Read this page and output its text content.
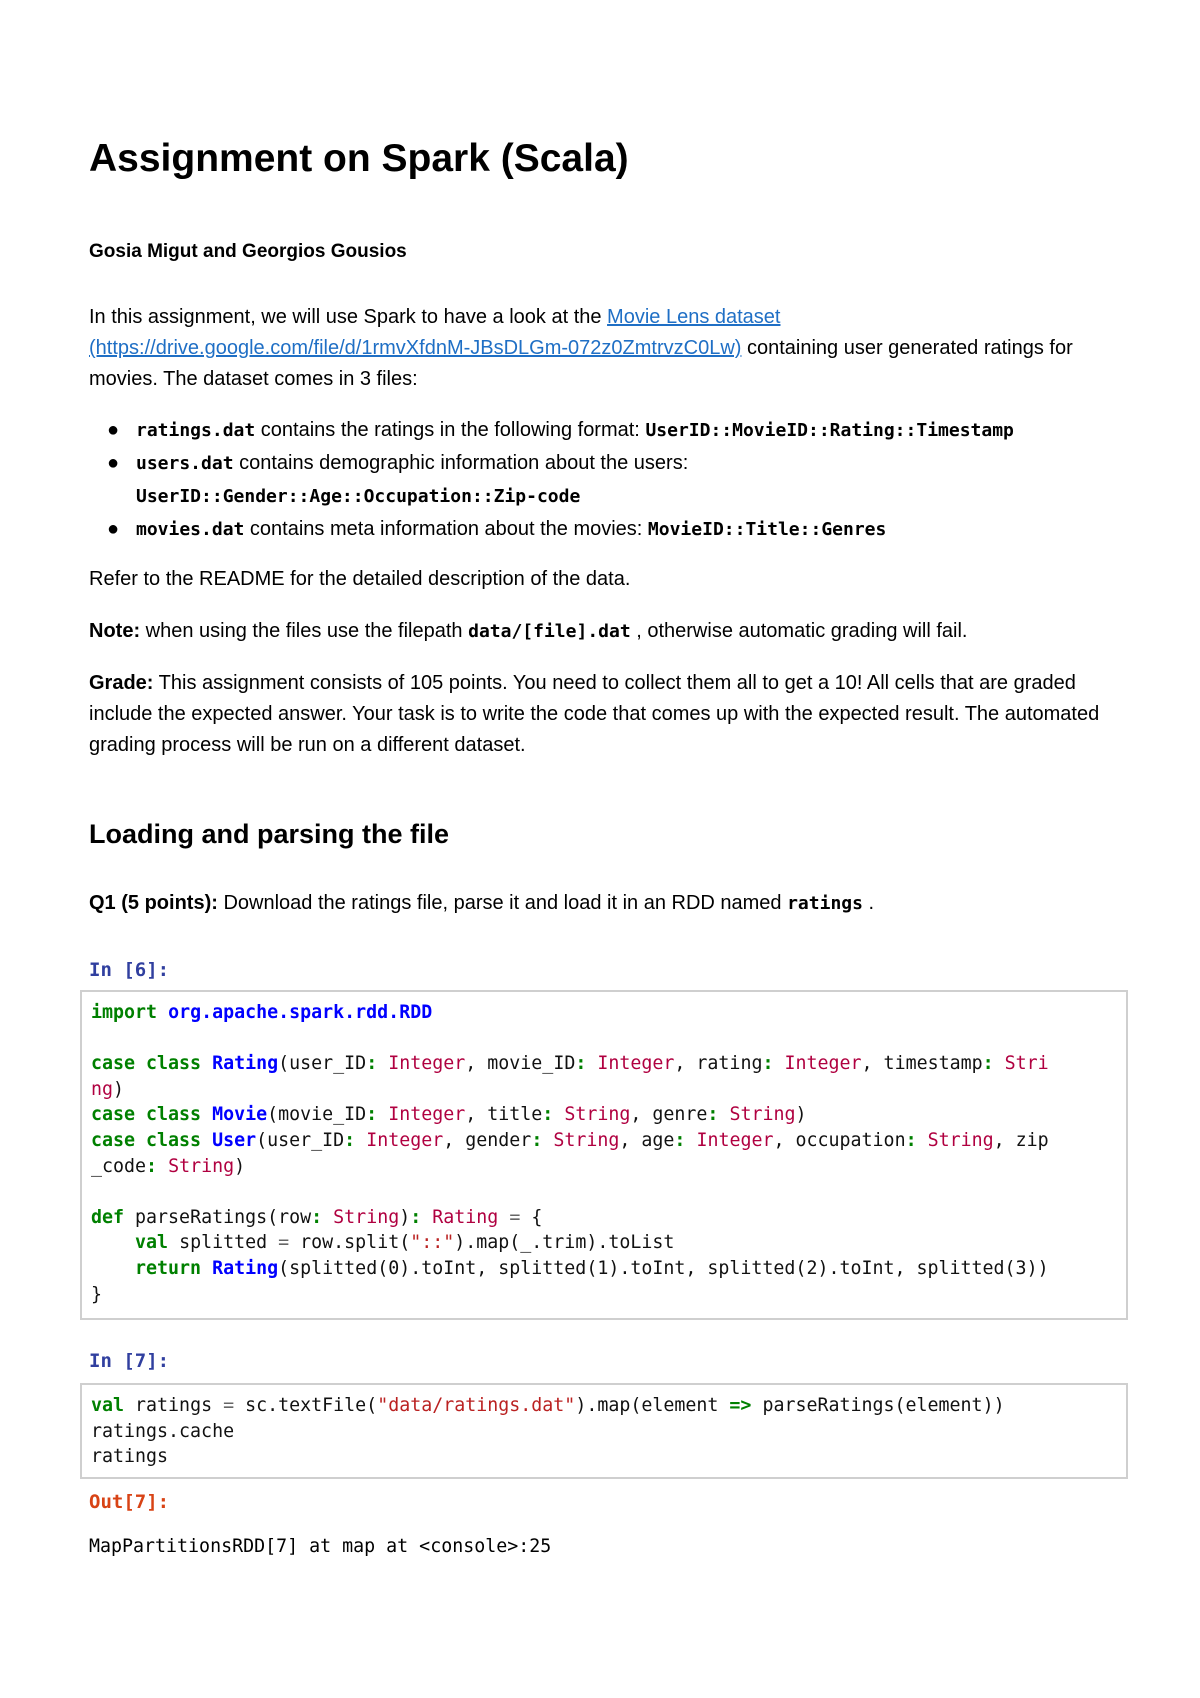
Assignment on Spark (Scala)
Gosia Migut and Georgios Gousios
In this assignment, we will use Spark to have a look at the Movie Lens dataset
(https://drive.google.com/file/d/1rmvXfdnM-JBsDLGm-072z0ZmtrvzC0Lw) containing user generated ratings for movies. The dataset comes in 3 files:
● ratings.dat contains the ratings in the following format: UserID::MovieID::Rating::Timestamp
● users.dat contains demographic information about the users:
UserID::Gender::Age::Occupation::Zip-code
● movies.dat contains meta information about the movies: MovieID::Title::Genres
Refer to the README for the detailed description of the data.
Note: when using the files use the filepath data/[file].dat , otherwise automatic grading will fail.
Grade: This assignment consists of 105 points. You need to collect them all to get a 10! All cells that are graded include the expected answer. Your task is to write the code that comes up with the expected result. The automated grading process will be run on a different dataset.
Loading and parsing the file
Q1 (5 points): Download the ratings file, parse it and load it in an RDD named ratings .
In [6]:
import org.apache.spark.rdd.RDD

case class Rating(user_ID: Integer, movie_ID: Integer, rating: Integer, timestamp: Stri
ng)
case class Movie(movie_ID: Integer, title: String, genre: String)
case class User(user_ID: Integer, gender: String, age: Integer, occupation: String, zip
_code: String)

def parseRatings(row: String): Rating = {
val splitted = row.split("::").map(_.trim).toList
return Rating(splitted(0).toInt, splitted(1).toInt, splitted(2).toInt, splitted(3))
}
In [7]:
val ratings = sc.textFile("data/ratings.dat").map(element => parseRatings(element))
ratings.cache
ratings
Out[7]:
MapPartitionsRDD[7] at map at <console>:25
